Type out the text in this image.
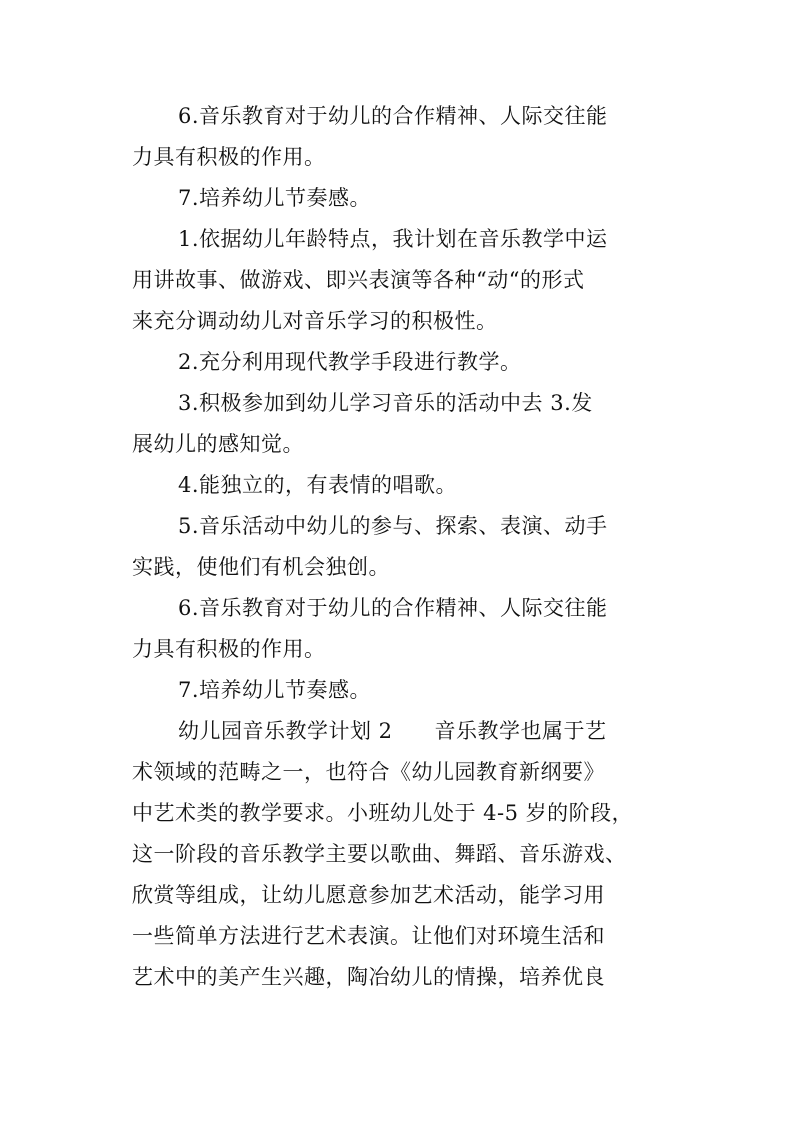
6.音乐教育对于幼儿的合作精神、人际交往能
力具有积极的作用。
7.培养幼儿节奏感。
1.依据幼儿年龄特点，我计划在音乐教学中运
用讲故事、做游戏、即兴表演等各种“动“的形式
来充分调动幼儿对音乐学习的积极性。
2.充分利用现代教学手段进行教学。
3.积极参加到幼儿学习音乐的活动中去 3.发
展幼儿的感知觉。
4.能独立的，有表情的唱歌。
5.音乐活动中幼儿的参与、探索、表演、动手
实践，使他们有机会独创。
6.音乐教育对于幼儿的合作精神、人际交往能
力具有积极的作用。
7.培养幼儿节奏感。
幼儿园音乐教学计划 2 音乐教学也属于艺
术领域的范畴之一，也符合《幼儿园教育新纲要》
中艺术类的教学要求。小班幼儿处于 4-5 岁的阶段，
这一阶段的音乐教学主要以歌曲、舞蹈、音乐游戏、
欣赏等组成，让幼儿愿意参加艺术活动，能学习用
一些简单方法进行艺术表演。让他们对环境生活和
艺术中的美产生兴趣，陶冶幼儿的情操，培养优良
